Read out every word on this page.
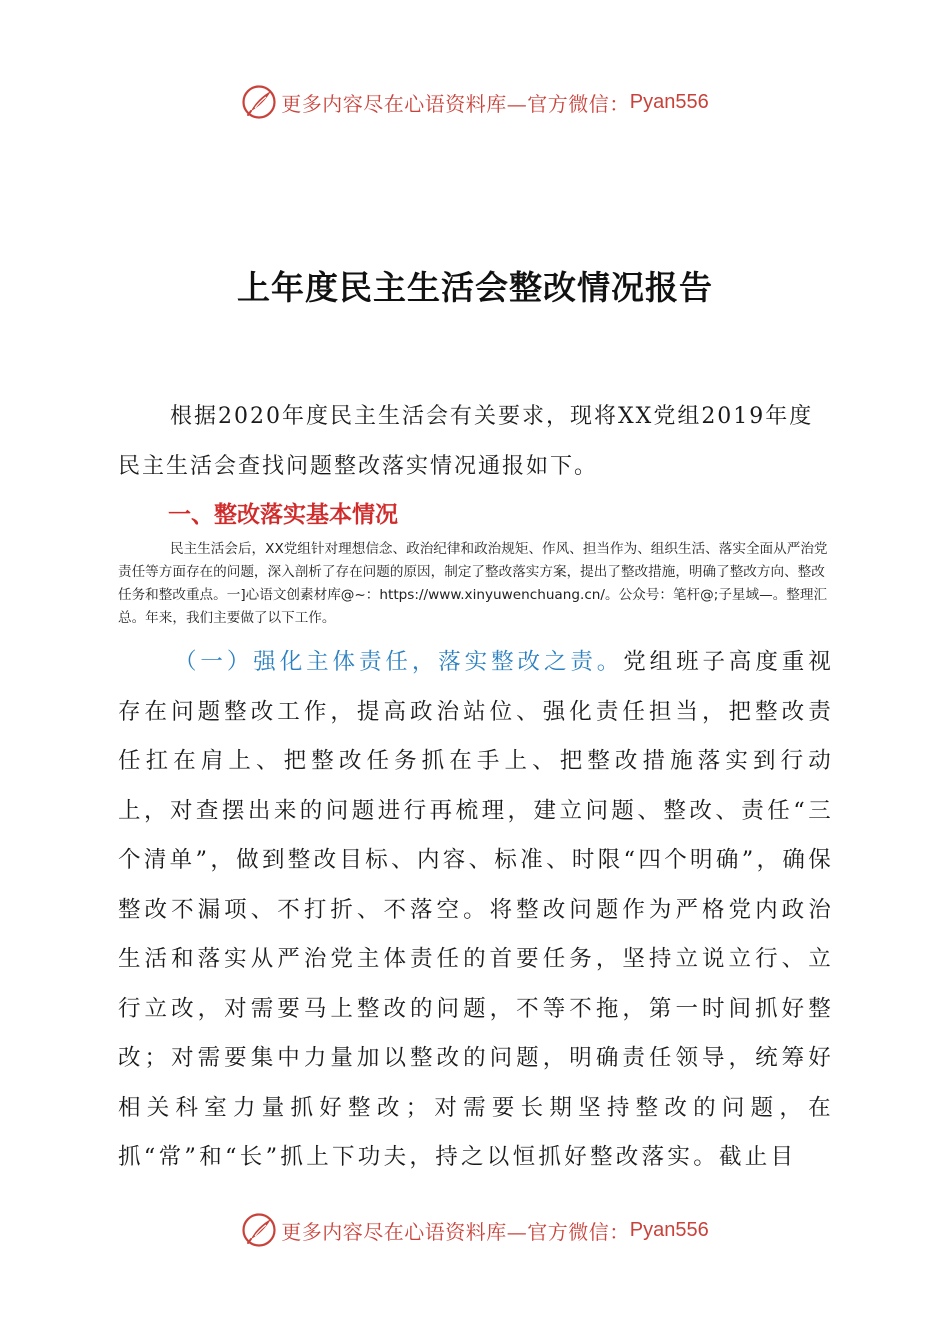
更多内容尽在心语资料库—官方微信： Pyan556
上年度民主生活会整改情况报告

根据2020年度民主生活会有关要求，现将XX党组2019年度民主生活会查找问题整改落实情况通报如下。

一、整改落实基本情况

民主生活会后，XX党组针对理想信念、政治纪律和政治规矩、作风、担当作为、组织生活、落实全面从严治党责任等方面存在的问题，深入剖析了存在问题的原因，制定了整改落实方案，提出了整改措施，明确了整改方向、整改任务和整改重点。一]心语文创素材库@~：https://www.xinyuwenchuang.cn/。公众号：笔杆@;子星域—。整理汇总。年来，我们主要做了以下工作。

（一）强化主体责任，落实整改之责。党组班子高度重视存在问题整改工作，提高政治站位、强化责任担当，把整改责任扛在肩上、把整改任务抓在手上、把整改措施落实到行动上，对查摆出来的问题进行再梳理，建立问题、整改、责任“三个清单”，做到整改目标、内容、标准、时限“四个明确”，确保整改不漏项、不打折、不落空。将整改问题作为严格党内政治生活和落实从严治党主体责任的首要任务，坚持立说立行、立行立改，对需要马上整改的问题，不等不拖，第一时间抓好整改；对需要集中力量加以整改的问题，明确责任领导，统筹好相关科室力量抓好整改；对需要长期坚持整改的问题，在抓“常”和“长”抓上下功夫，持之以恒抓好整改落实。截止目

更多内容尽在心语资料库—官方微信： Pyan556
